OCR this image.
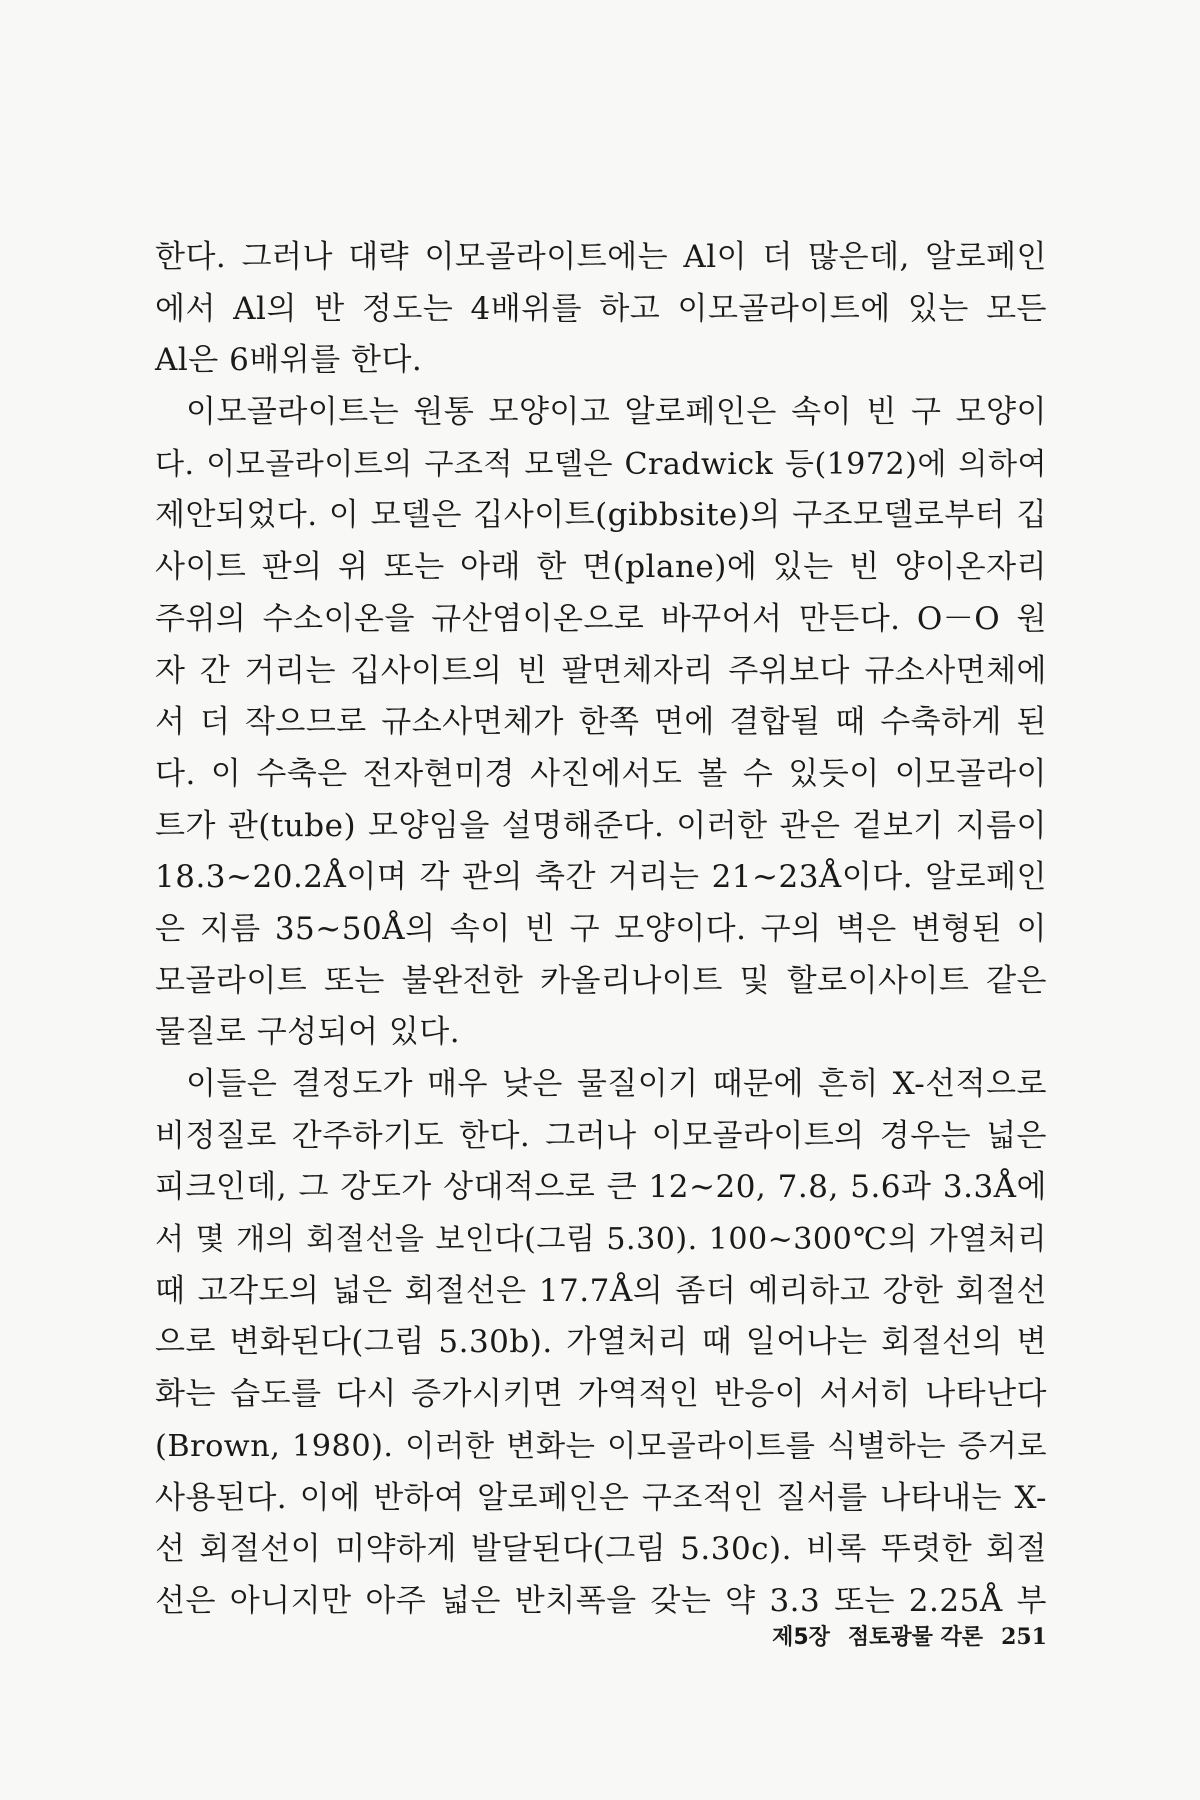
한다. 그러나 대략 이모골라이트에는 Al이 더 많은데, 알로페인
에서 Al의 반 정도는 4배위를 하고 이모골라이트에 있는 모든
Al은 6배위를 한다.
이모골라이트는 원통 모양이고 알로페인은 속이 빈 구 모양이
다. 이모골라이트의 구조적 모델은 Cradwick 등(1972)에 의하여
제안되었다. 이 모델은 깁사이트(gibbsite)의 구조모델로부터 깁
사이트 판의 위 또는 아래 한 면(plane)에 있는 빈 양이온자리
주위의 수소이온을 규산염이온으로 바꾸어서 만든다. O－O 원
자 간 거리는 깁사이트의 빈 팔면체자리 주위보다 규소사면체에
서 더 작으므로 규소사면체가 한쪽 면에 결합될 때 수축하게 된
다. 이 수축은 전자현미경 사진에서도 볼 수 있듯이 이모골라이
트가 관(tube) 모양임을 설명해준다. 이러한 관은 겉보기 지름이
18.3~20.2Å이며 각 관의 축간 거리는 21~23Å이다. 알로페인
은 지름 35~50Å의 속이 빈 구 모양이다. 구의 벽은 변형된 이
모골라이트 또는 불완전한 카올리나이트 및 할로이사이트 같은
물질로 구성되어 있다.
이들은 결정도가 매우 낮은 물질이기 때문에 흔히 X-선적으로
비정질로 간주하기도 한다. 그러나 이모골라이트의 경우는 넓은
피크인데, 그 강도가 상대적으로 큰 12~20, 7.8, 5.6과 3.3Å에
서 몇 개의 회절선을 보인다(그림 5.30). 100~300℃의 가열처리
때 고각도의 넓은 회절선은 17.7Å의 좀더 예리하고 강한 회절선
으로 변화된다(그림 5.30b). 가열처리 때 일어나는 회절선의 변
화는 습도를 다시 증가시키면 가역적인 반응이 서서히 나타난다
(Brown, 1980). 이러한 변화는 이모골라이트를 식별하는 증거로
사용된다. 이에 반하여 알로페인은 구조적인 질서를 나타내는 X-
선 회절선이 미약하게 발달된다(그림 5.30c). 비록 뚜렷한 회절
선은 아니지만 아주 넓은 반치폭을 갖는 약 3.3 또는 2.25Å 부
제5장 점토광물 각론 251
